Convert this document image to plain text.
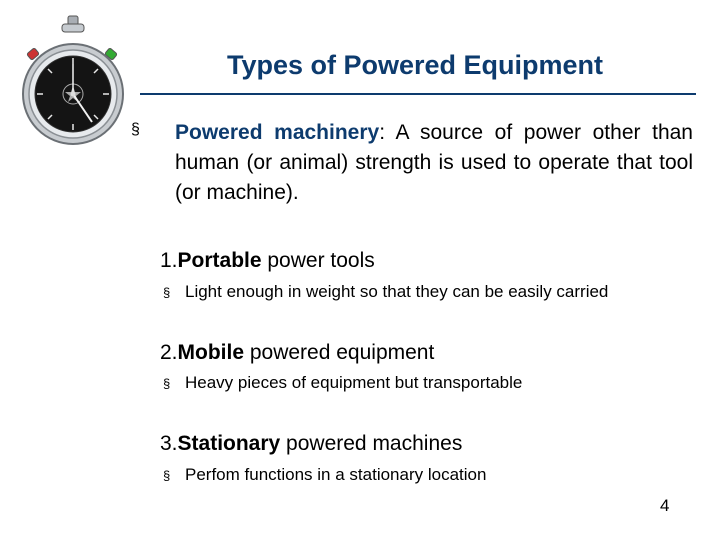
Types of Powered Equipment
§ Powered machinery: A source of power other than human (or animal) strength is used to operate that tool (or machine).
1.Portable power tools
§ Light enough in weight so that they can be easily carried
2.Mobile powered equipment
§ Heavy pieces of equipment but transportable
3.Stationary powered machines
§ Perfom functions in a stationary location
4
